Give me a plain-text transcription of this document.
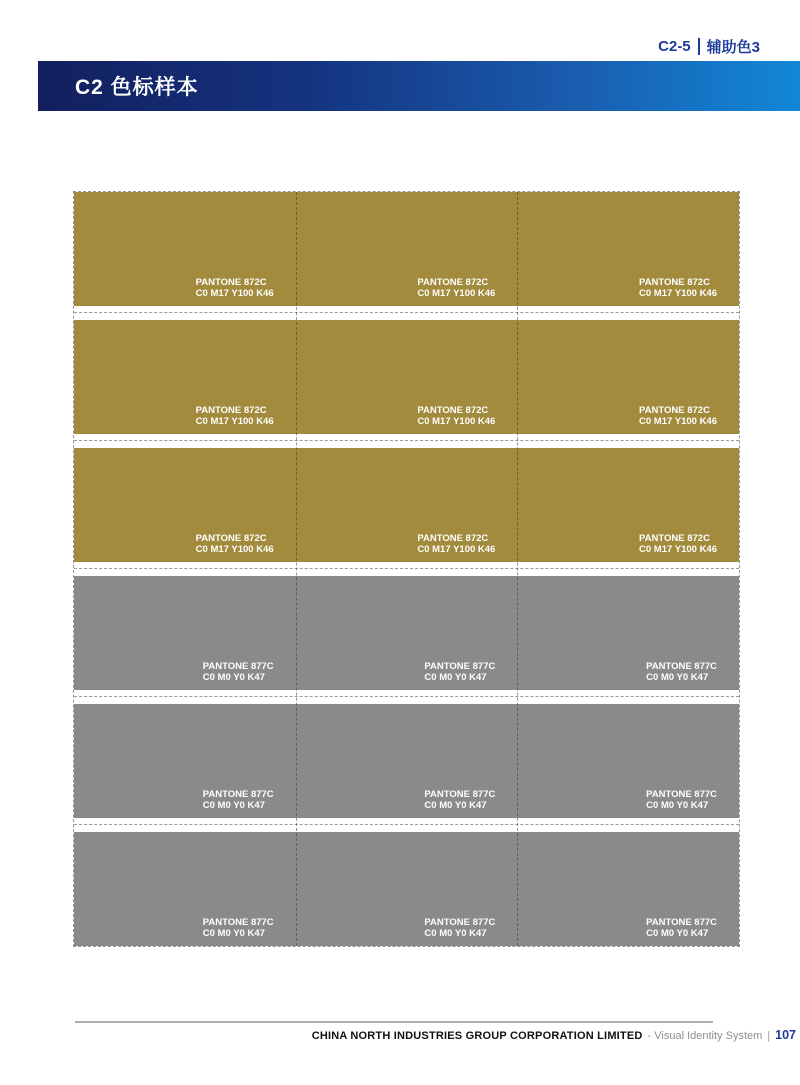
C2-5 辅助色3
C2 色标样本
PANTONE 872C
C0 M17 Y100 K46
PANTONE 872C
C0 M17 Y100 K46
PANTONE 872C
C0 M17 Y100 K46
PANTONE 872C
C0 M17 Y100 K46
PANTONE 872C
C0 M17 Y100 K46
PANTONE 872C
C0 M17 Y100 K46
PANTONE 872C
C0 M17 Y100 K46
PANTONE 872C
C0 M17 Y100 K46
PANTONE 872C
C0 M17 Y100 K46
PANTONE 877C
C0 M0 Y0 K47
PANTONE 877C
C0 M0 Y0 K47
PANTONE 877C
C0 M0 Y0 K47
PANTONE 877C
C0 M0 Y0 K47
PANTONE 877C
C0 M0 Y0 K47
PANTONE 877C
C0 M0 Y0 K47
PANTONE 877C
C0 M0 Y0 K47
PANTONE 877C
C0 M0 Y0 K47
PANTONE 877C
C0 M0 Y0 K47
CHINA NORTH INDUSTRIES GROUP CORPORATION LIMITED - Visual Identity System | 107
